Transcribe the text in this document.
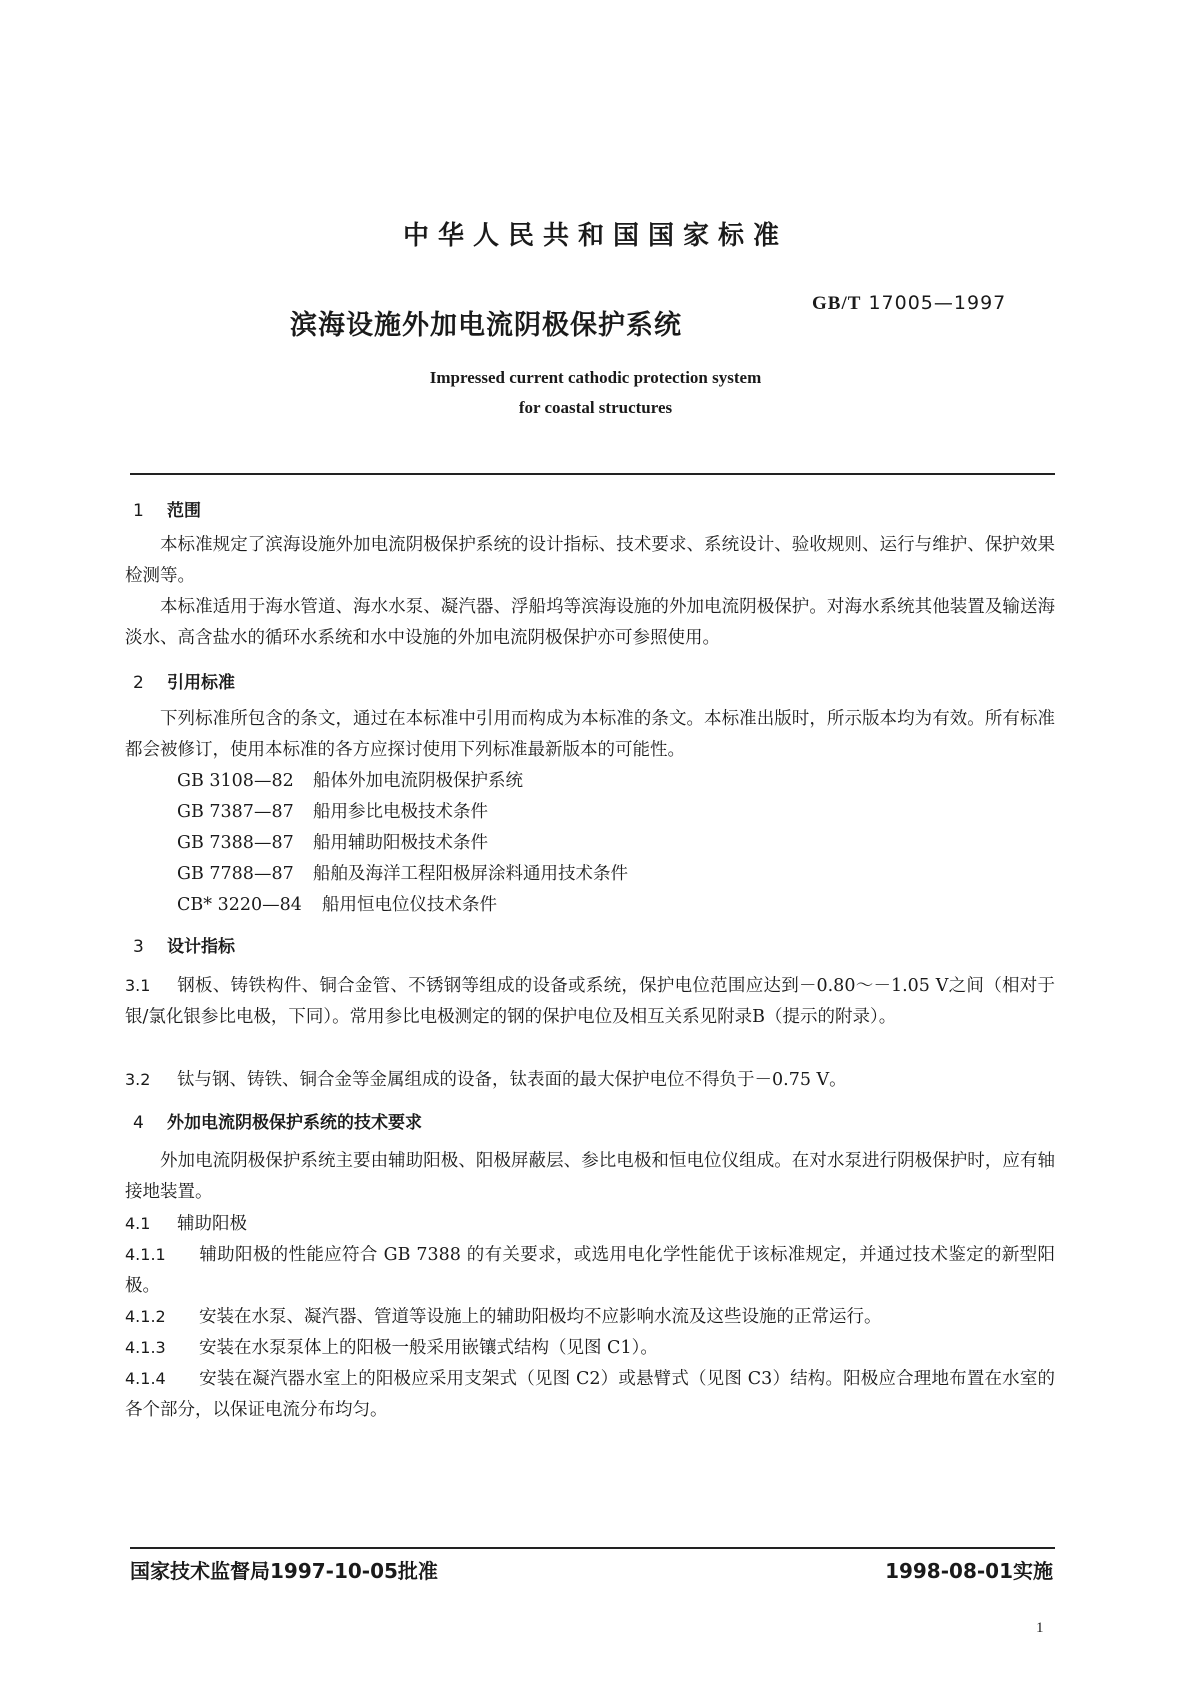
中华人民共和国国家标准
滨海设施外加电流阴极保护系统
GB/T 17005—1997
Impressed current cathodic protection system
for coastal structures
1 范围
本标准规定了滨海设施外加电流阴极保护系统的设计指标、技术要求、系统设计、验收规则、运行与维护、保护效果检测等。
本标准适用于海水管道、海水水泵、凝汽器、浮船坞等滨海设施的外加电流阴极保护。对海水系统其他装置及输送海淡水、高含盐水的循环水系统和水中设施的外加电流阴极保护亦可参照使用。
2 引用标准
下列标准所包含的条文，通过在本标准中引用而构成为本标准的条文。本标准出版时，所示版本均为有效。所有标准都会被修订，使用本标准的各方应探讨使用下列标准最新版本的可能性。
GB 3108—82 船体外加电流阴极保护系统
GB 7387—87 船用参比电极技术条件
GB 7388—87 船用辅助阳极技术条件
GB 7788—87 船舶及海洋工程阳极屏涂料通用技术条件
CB* 3220—84 船用恒电位仪技术条件
3 设计指标
3.1 钢板、铸铁构件、铜合金管、不锈钢等组成的设备或系统，保护电位范围应达到－0.80～－1.05 V之间（相对于银/氯化银参比电极，下同）。常用参比电极测定的钢的保护电位及相互关系见附录B（提示的附录）。
3.2 钛与钢、铸铁、铜合金等金属组成的设备，钛表面的最大保护电位不得负于－0.75 V。
4 外加电流阴极保护系统的技术要求
外加电流阴极保护系统主要由辅助阳极、阳极屏蔽层、参比电极和恒电位仪组成。在对水泵进行阴极保护时，应有轴接地装置。
4.1 辅助阳极
4.1.1 辅助阳极的性能应符合 GB 7388 的有关要求，或选用电化学性能优于该标准规定，并通过技术鉴定的新型阳极。
4.1.2 安装在水泵、凝汽器、管道等设施上的辅助阳极均不应影响水流及这些设施的正常运行。
4.1.3 安装在水泵泵体上的阳极一般采用嵌镶式结构（见图 C1）。
4.1.4 安装在凝汽器水室上的阳极应采用支架式（见图 C2）或悬臂式（见图 C3）结构。阳极应合理地布置在水室的各个部分，以保证电流分布均匀。
国家技术监督局1997-10-05批准	1998-08-01实施
1
